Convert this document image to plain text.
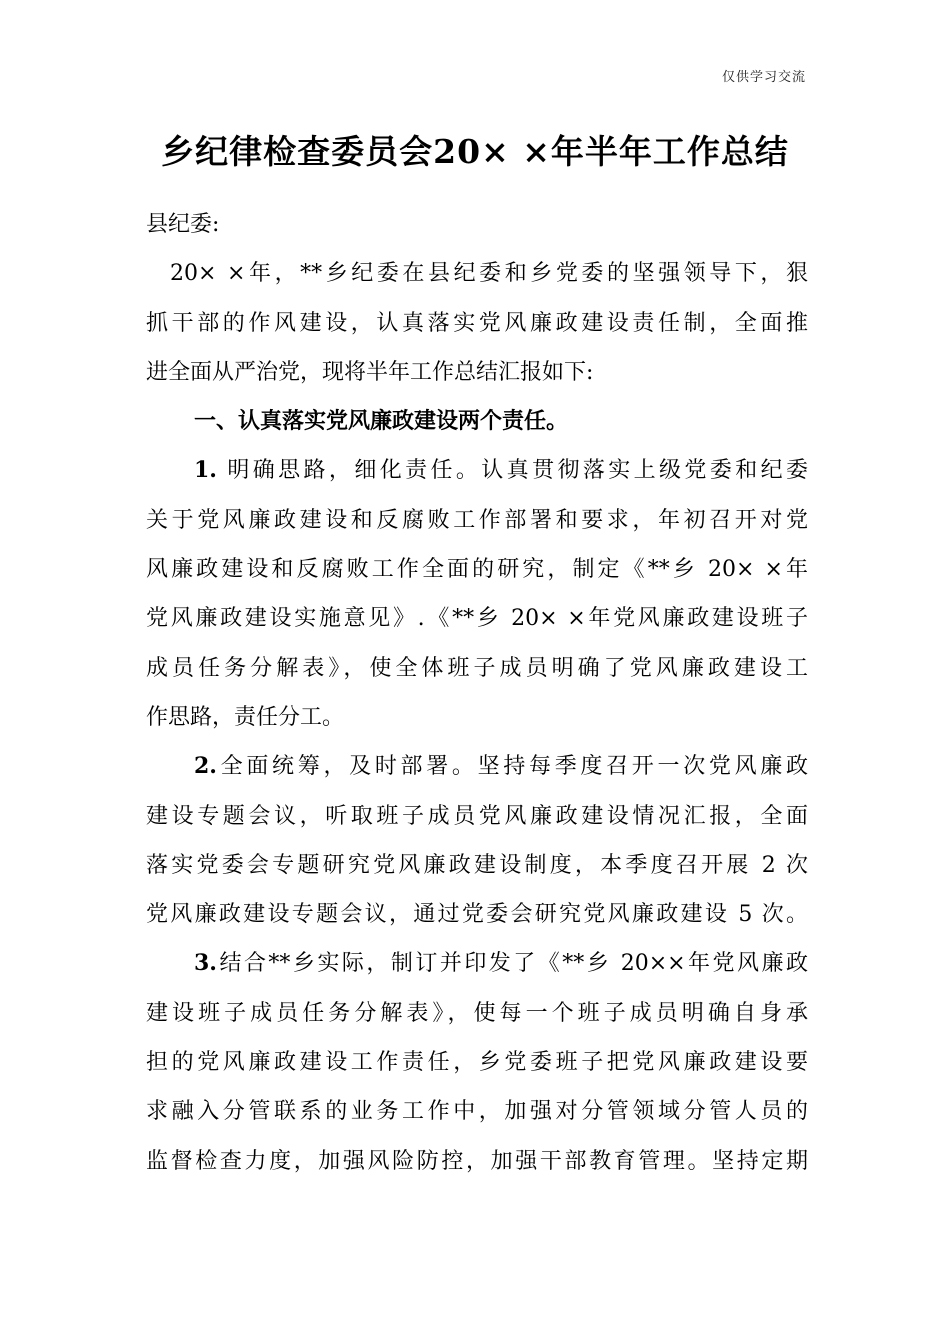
仅供学习交流
乡纪律检查委员会20× ×年半年工作总结
县纪委:
20× ×年，**乡纪委在县纪委和乡党委的坚强领导下，狠
抓干部的作风建设，认真落实党风廉政建设责任制，全面推
进全面从严治党，现将半年工作总结汇报如下:
一、认真落实党风廉政建设两个责任。
1. 明确思路，细化责任。认真贯彻落实上级党委和纪委
关于党风廉政建设和反腐败工作部署和要求，年初召开对党
风廉政建设和反腐败工作全面的研究，制定《**乡 20× ×年
党风廉政建设实施意见》.《**乡 20× ×年党风廉政建设班子
成员任务分解表》，使全体班子成员明确了党风廉政建设工
作思路，责任分工。
2.全面统筹，及时部署。坚持每季度召开一次党风廉政
建设专题会议，听取班子成员党风廉政建设情况汇报，全面
落实党委会专题研究党风廉政建设制度，本季度召开展 2 次
党风廉政建设专题会议，通过党委会研究党风廉政建设 5 次。
3.结合**乡实际，制订并印发了《**乡 20××年党风廉政
建设班子成员任务分解表》，使每一个班子成员明确自身承
担的党风廉政建设工作责任，乡党委班子把党风廉政建设要
求融入分管联系的业务工作中，加强对分管领域分管人员的
监督检查力度，加强风险防控，加强干部教育管理。坚持定期
